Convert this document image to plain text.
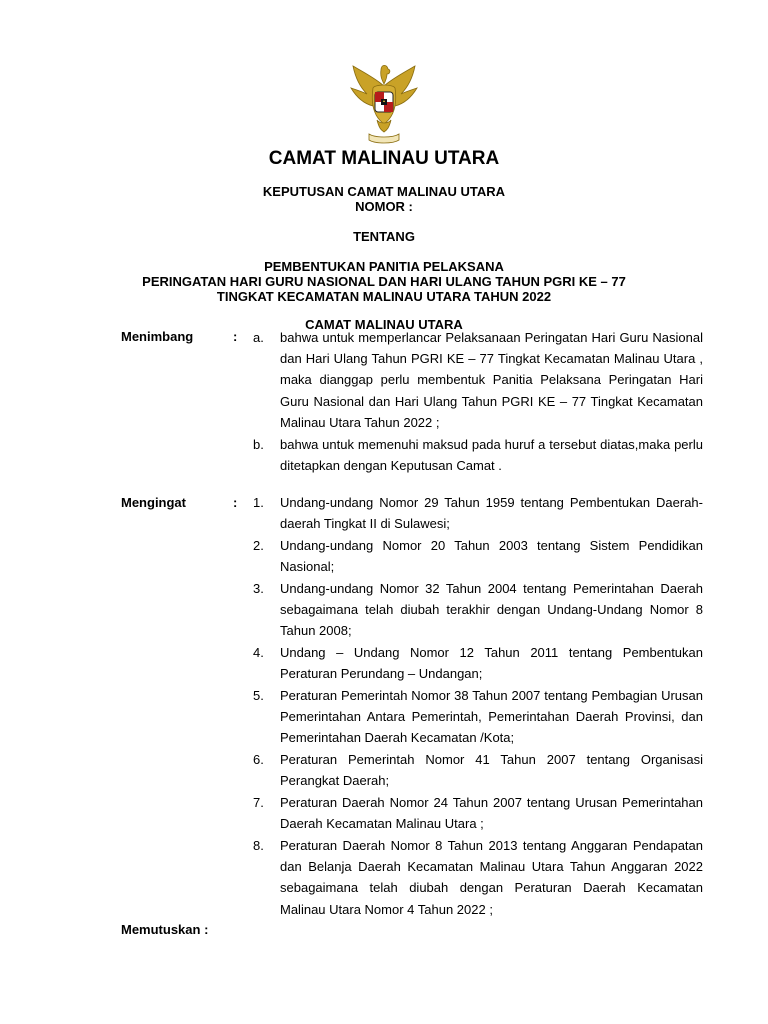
CAMAT MALINAU UTARA
KEPUTUSAN CAMAT MALINAU UTARA
NOMOR :
TENTANG
PEMBENTUKAN PANITIA PELAKSANA
PERINGATAN HARI GURU NASIONAL DAN HARI ULANG TAHUN PGRI KE – 77
TINGKAT KECAMATAN MALINAU UTARA TAHUN 2022
CAMAT MALINAU UTARA
Menimbang	: a.	bahwa untuk memperlancar Pelaksanaan Peringatan Hari Guru Nasional dan Hari Ulang Tahun PGRI KE – 77 Tingkat Kecamatan Malinau Utara , maka dianggap perlu membentuk Panitia Pelaksana Peringatan Hari Guru Nasional dan Hari Ulang Tahun PGRI KE – 77 Tingkat Kecamatan Malinau Utara Tahun 2022 ;
b.	bahwa untuk memenuhi maksud pada huruf a tersebut diatas,maka perlu ditetapkan dengan Keputusan Camat .
Mengingat	: 1.	Undang-undang Nomor 29 Tahun 1959 tentang Pembentukan Daerah-daerah Tingkat II di Sulawesi;
2.	Undang-undang Nomor 20 Tahun 2003 tentang Sistem Pendidikan Nasional;
3.	Undang-undang Nomor 32 Tahun 2004 tentang Pemerintahan Daerah sebagaimana telah diubah terakhir dengan Undang-Undang Nomor 8 Tahun 2008;
4.	Undang – Undang Nomor 12 Tahun 2011 tentang Pembentukan Peraturan Perundang – Undangan;
5.	Peraturan Pemerintah Nomor 38 Tahun 2007 tentang Pembagian Urusan Pemerintahan Antara Pemerintah, Pemerintahan Daerah Provinsi, dan Pemerintahan Daerah Kecamatan /Kota;
6.	Peraturan Pemerintah Nomor 41 Tahun 2007 tentang Organisasi Perangkat Daerah;
7.	Peraturan Daerah Nomor 24 Tahun 2007 tentang Urusan Pemerintahan Daerah Kecamatan Malinau Utara ;
8.	Peraturan Daerah Nomor 8 Tahun 2013 tentang Anggaran Pendapatan dan Belanja Daerah Kecamatan Malinau Utara Tahun Anggaran 2022 sebagaimana telah diubah dengan Peraturan Daerah Kecamatan Malinau Utara Nomor 4 Tahun 2022 ;
Memutuskan :
